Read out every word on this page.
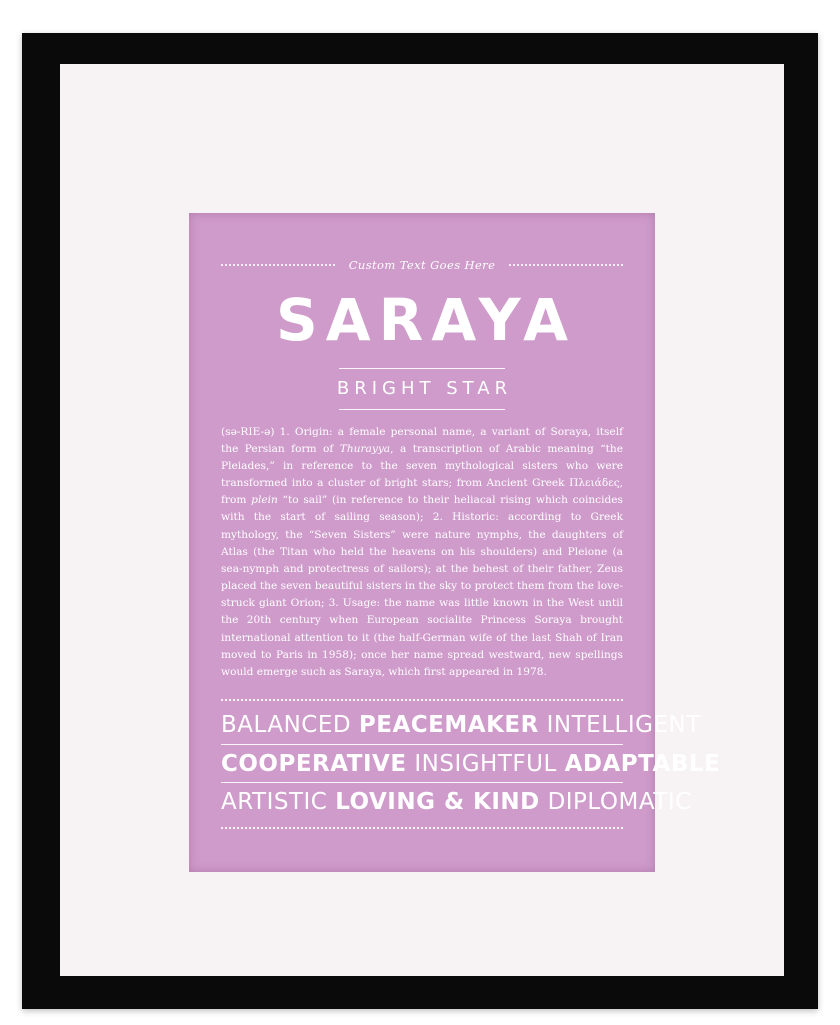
Custom Text Goes Here
SARAYA
BRIGHT STAR
(sə-RIE-ə) 1. Origin: a female personal name, a variant of Soraya, itself the Persian form of Thurayya, a transcription of Arabic meaning “the Pleiades,” in reference to the seven mythological sisters who were transformed into a cluster of bright stars; from Ancient Greek Πλειάδες, from plein “to sail” (in reference to their heliacal rising which coincides with the start of sailing season); 2. Historic: according to Greek mythology, the “Seven Sisters” were nature nymphs, the daughters of Atlas (the Titan who held the heavens on his shoulders) and Pleione (a sea-nymph and protectress of sailors); at the behest of their father, Zeus placed the seven beautiful sisters in the sky to protect them from the love-struck giant Orion; 3. Usage: the name was little known in the West until the 20th century when European socialite Princess Soraya brought international attention to it (the half-German wife of the last Shah of Iran moved to Paris in 1958); once her name spread westward, new spellings would emerge such as Saraya, which first appeared in 1978.
BALANCED PEACEMAKER INTELLIGENT
COOPERATIVE INSIGHTFUL ADAPTABLE
ARTISTIC LOVING & KIND DIPLOMATIC
